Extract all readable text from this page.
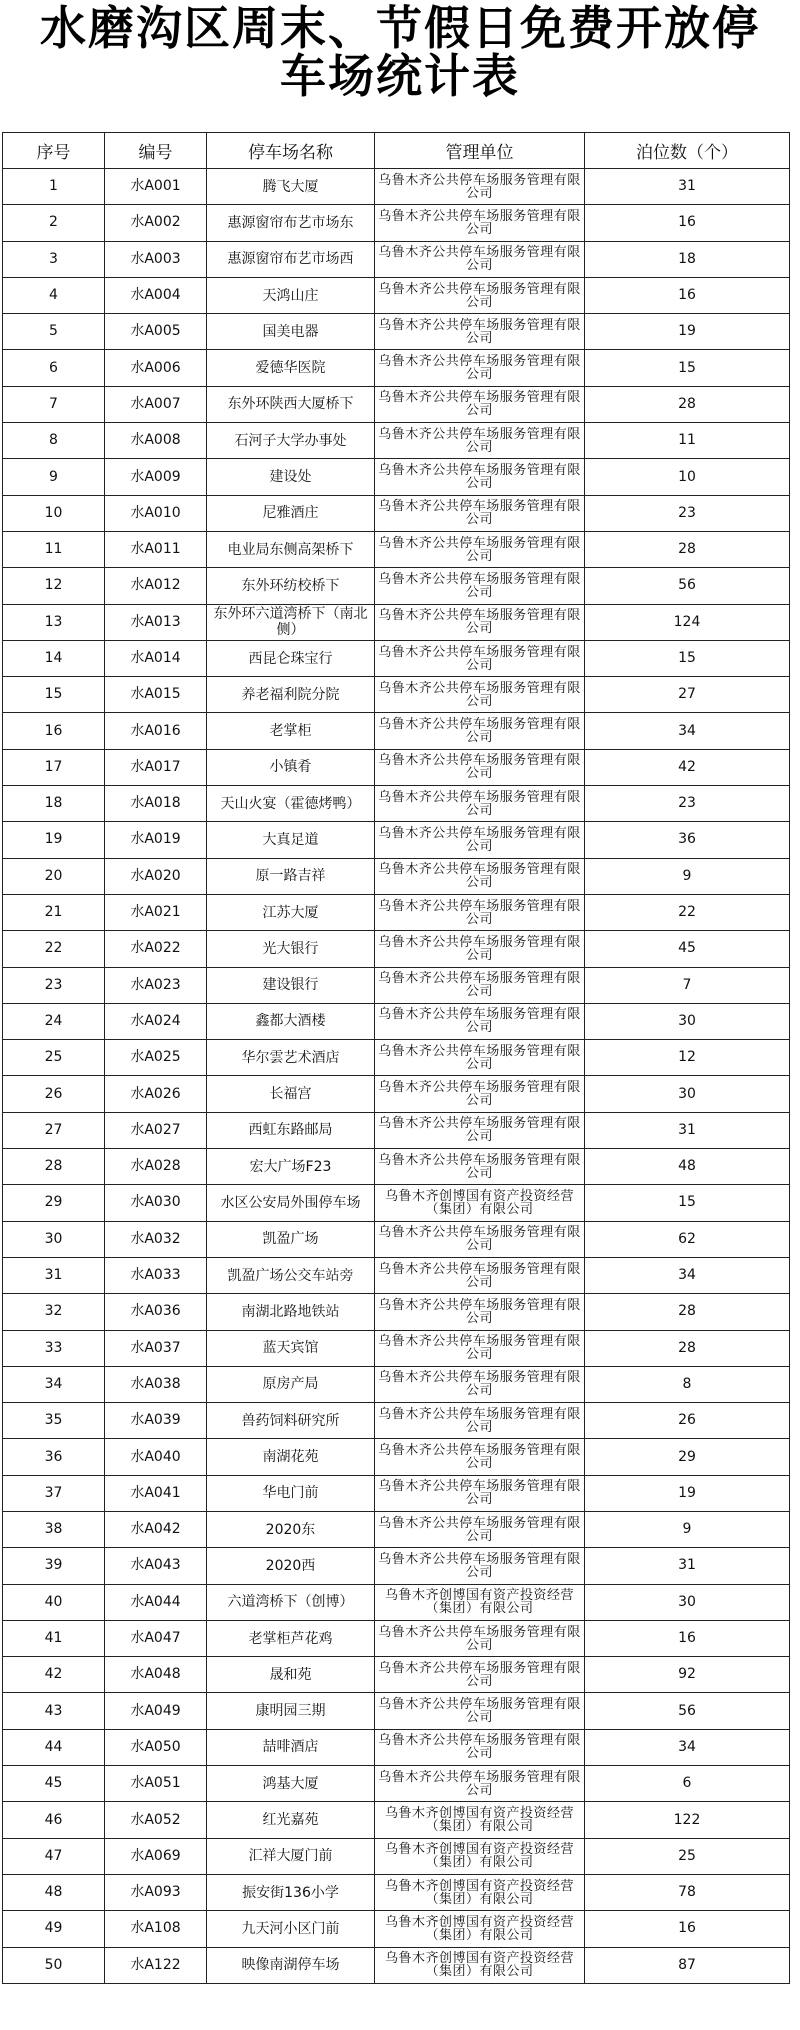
水磨沟区周末、节假日免费开放停
车场统计表
序号	编号	停车场名称	管理单位	泊位数（个）
1	水A001	腾飞大厦	乌鲁木齐公共停车场服务管理有限公司	31
2	水A002	惠源窗帘布艺市场东	乌鲁木齐公共停车场服务管理有限公司	16
3	水A003	惠源窗帘布艺市场西	乌鲁木齐公共停车场服务管理有限公司	18
4	水A004	天鸿山庄	乌鲁木齐公共停车场服务管理有限公司	16
5	水A005	国美电器	乌鲁木齐公共停车场服务管理有限公司	19
6	水A006	爱德华医院	乌鲁木齐公共停车场服务管理有限公司	15
7	水A007	东外环陕西大厦桥下	乌鲁木齐公共停车场服务管理有限公司	28
8	水A008	石河子大学办事处	乌鲁木齐公共停车场服务管理有限公司	11
9	水A009	建设处	乌鲁木齐公共停车场服务管理有限公司	10
10	水A010	尼雅酒庄	乌鲁木齐公共停车场服务管理有限公司	23
11	水A011	电业局东侧高架桥下	乌鲁木齐公共停车场服务管理有限公司	28
12	水A012	东外环纺校桥下	乌鲁木齐公共停车场服务管理有限公司	56
13	水A013	东外环六道湾桥下（南北侧）	乌鲁木齐公共停车场服务管理有限公司	124
14	水A014	西昆仑珠宝行	乌鲁木齐公共停车场服务管理有限公司	15
15	水A015	养老福利院分院	乌鲁木齐公共停车场服务管理有限公司	27
16	水A016	老掌柜	乌鲁木齐公共停车场服务管理有限公司	34
17	水A017	小镇肴	乌鲁木齐公共停车场服务管理有限公司	42
18	水A018	天山火宴（霍德烤鸭）	乌鲁木齐公共停车场服务管理有限公司	23
19	水A019	大真足道	乌鲁木齐公共停车场服务管理有限公司	36
20	水A020	原一路吉祥	乌鲁木齐公共停车场服务管理有限公司	9
21	水A021	江苏大厦	乌鲁木齐公共停车场服务管理有限公司	22
22	水A022	光大银行	乌鲁木齐公共停车场服务管理有限公司	45
23	水A023	建设银行	乌鲁木齐公共停车场服务管理有限公司	7
24	水A024	鑫都大酒楼	乌鲁木齐公共停车场服务管理有限公司	30
25	水A025	华尔雲艺术酒店	乌鲁木齐公共停车场服务管理有限公司	12
26	水A026	长福宫	乌鲁木齐公共停车场服务管理有限公司	30
27	水A027	西虹东路邮局	乌鲁木齐公共停车场服务管理有限公司	31
28	水A028	宏大广场F23	乌鲁木齐公共停车场服务管理有限公司	48
29	水A030	水区公安局外围停车场	乌鲁木齐创博国有资产投资经营（集团）有限公司	15
30	水A032	凯盈广场	乌鲁木齐公共停车场服务管理有限公司	62
31	水A033	凯盈广场公交车站旁	乌鲁木齐公共停车场服务管理有限公司	34
32	水A036	南湖北路地铁站	乌鲁木齐公共停车场服务管理有限公司	28
33	水A037	蓝天宾馆	乌鲁木齐公共停车场服务管理有限公司	28
34	水A038	原房产局	乌鲁木齐公共停车场服务管理有限公司	8
35	水A039	兽药饲料研究所	乌鲁木齐公共停车场服务管理有限公司	26
36	水A040	南湖花苑	乌鲁木齐公共停车场服务管理有限公司	29
37	水A041	华电门前	乌鲁木齐公共停车场服务管理有限公司	19
38	水A042	2020东	乌鲁木齐公共停车场服务管理有限公司	9
39	水A043	2020西	乌鲁木齐公共停车场服务管理有限公司	31
40	水A044	六道湾桥下（创博）	乌鲁木齐创博国有资产投资经营（集团）有限公司	30
41	水A047	老掌柜芦花鸡	乌鲁木齐公共停车场服务管理有限公司	16
42	水A048	晟和苑	乌鲁木齐公共停车场服务管理有限公司	92
43	水A049	康明园三期	乌鲁木齐公共停车场服务管理有限公司	56
44	水A050	喆啡酒店	乌鲁木齐公共停车场服务管理有限公司	34
45	水A051	鸿基大厦	乌鲁木齐公共停车场服务管理有限公司	6
46	水A052	红光嘉苑	乌鲁木齐创博国有资产投资经营（集团）有限公司	122
47	水A069	汇祥大厦门前	乌鲁木齐创博国有资产投资经营（集团）有限公司	25
48	水A093	振安街136小学	乌鲁木齐创博国有资产投资经营（集团）有限公司	78
49	水A108	九天河小区门前	乌鲁木齐创博国有资产投资经营（集团）有限公司	16
50	水A122	映像南湖停车场	乌鲁木齐创博国有资产投资经营（集团）有限公司	87
